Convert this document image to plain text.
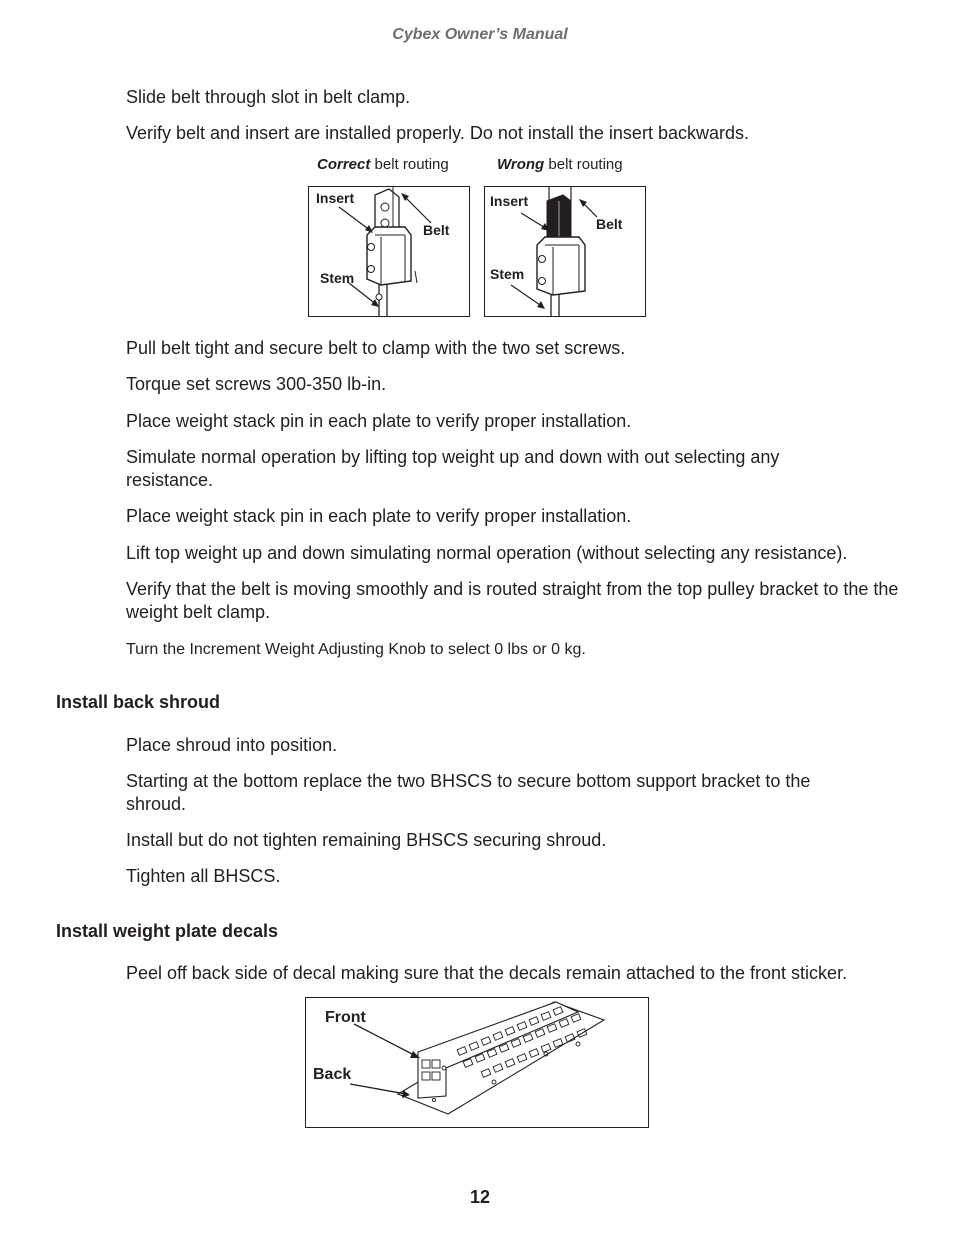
Cybex Owner’s Manual
Slide belt through slot in belt clamp.
Verify belt and insert are installed properly. Do not install the insert backwards.
Correct belt routing	Wrong belt routing
Insert
Belt
Stem
Insert
Belt
Stem
Pull belt tight and secure belt to clamp with the two set screws.
Torque set screws 300-350 lb-in.
Place weight stack pin in each plate to verify proper installation.
Simulate normal operation by lifting top weight up and down with out selecting any resistance.
Place weight stack pin in each plate to verify proper installation.
Lift top weight up and down simulating normal operation (without selecting any resistance).
Verify that the belt is moving smoothly and is routed straight from the top pulley bracket to the the weight belt clamp.
Turn the Increment Weight Adjusting Knob to select 0 lbs or 0 kg.
Install back shroud
Place shroud into position.
Starting at the bottom replace the two BHSCS to secure bottom support bracket to the shroud.
Install but do not tighten remaining BHSCS securing shroud.
Tighten all BHSCS.
Install weight plate decals
Peel off back side of decal making sure that the decals remain attached to the front sticker.
Front
Back
12
